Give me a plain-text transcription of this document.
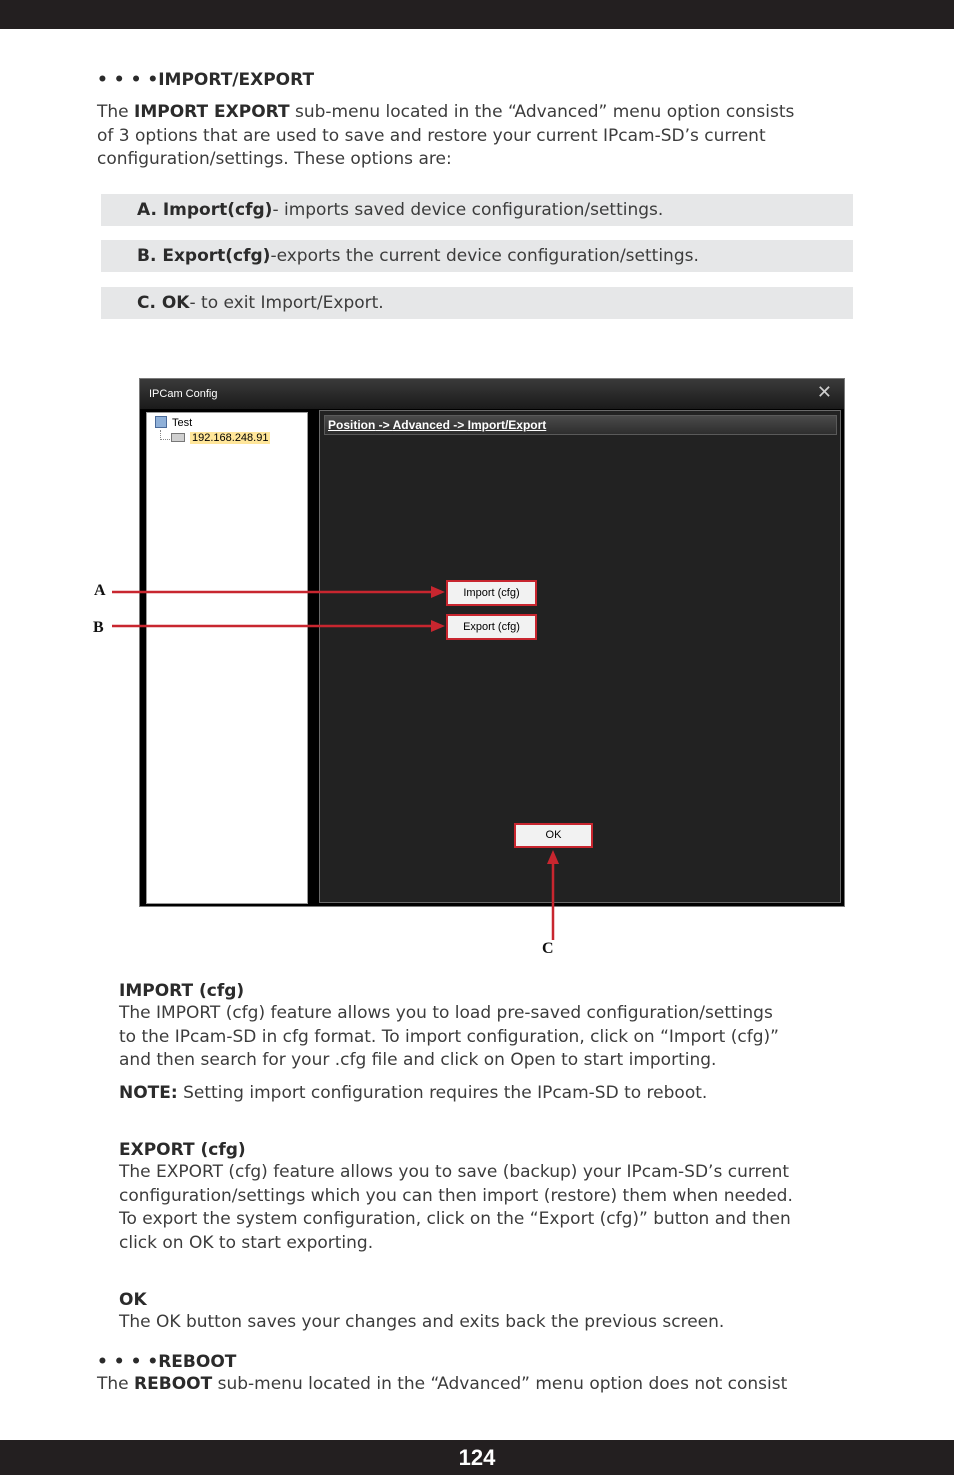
• • • •IMPORT/EXPORT
The IMPORT EXPORT sub-menu located in the “Advanced” menu option consists
of 3 options that are used to save and restore your current IPcam-SD’s current
configuration/settings. These options are:
A. Import(cfg)- imports saved device configuration/settings.
B. Export(cfg)-exports the current device configuration/settings.
C. OK- to exit Import/Export.
IPCam Config	✕
Test
192.168.248.91
Position -> Advanced -> Import/Export
Import (cfg)
Export (cfg)
OK
A
B
C
IMPORT (cfg)
The IMPORT (cfg) feature allows you to load pre-saved configuration/settings
to the IPcam-SD in cfg format. To import configuration, click on “Import (cfg)”
and then search for your .cfg file and click on Open to start importing.
NOTE: Setting import configuration requires the IPcam-SD to reboot.
EXPORT (cfg)
The EXPORT (cfg) feature allows you to save (backup) your IPcam-SD’s current
configuration/settings which you can then import (restore) them when needed.
To export the system configuration, click on the “Export (cfg)” button and then
click on OK to start exporting.
OK
The OK button saves your changes and exits back the previous screen.
• • • •REBOOT
The REBOOT sub-menu located in the “Advanced” menu option does not consist
124
